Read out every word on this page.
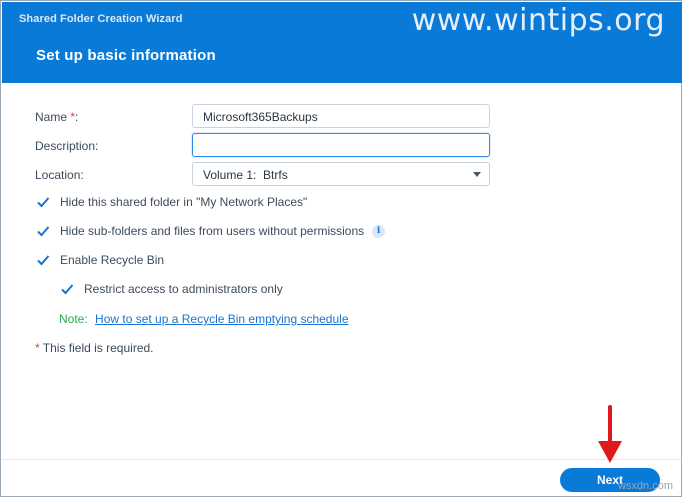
Shared Folder Creation Wizard
Set up basic information
www.wintips.org
Name *:	Microsoft365Backups
Description:
Location:	Volume 1:  Btrfs
Hide this shared folder in "My Network Places"
Hide sub-folders and files from users without permissions	i
Enable Recycle Bin
Restrict access to administrators only
Note: How to set up a Recycle Bin emptying schedule
* This field is required.
Next
wsxdn.com
